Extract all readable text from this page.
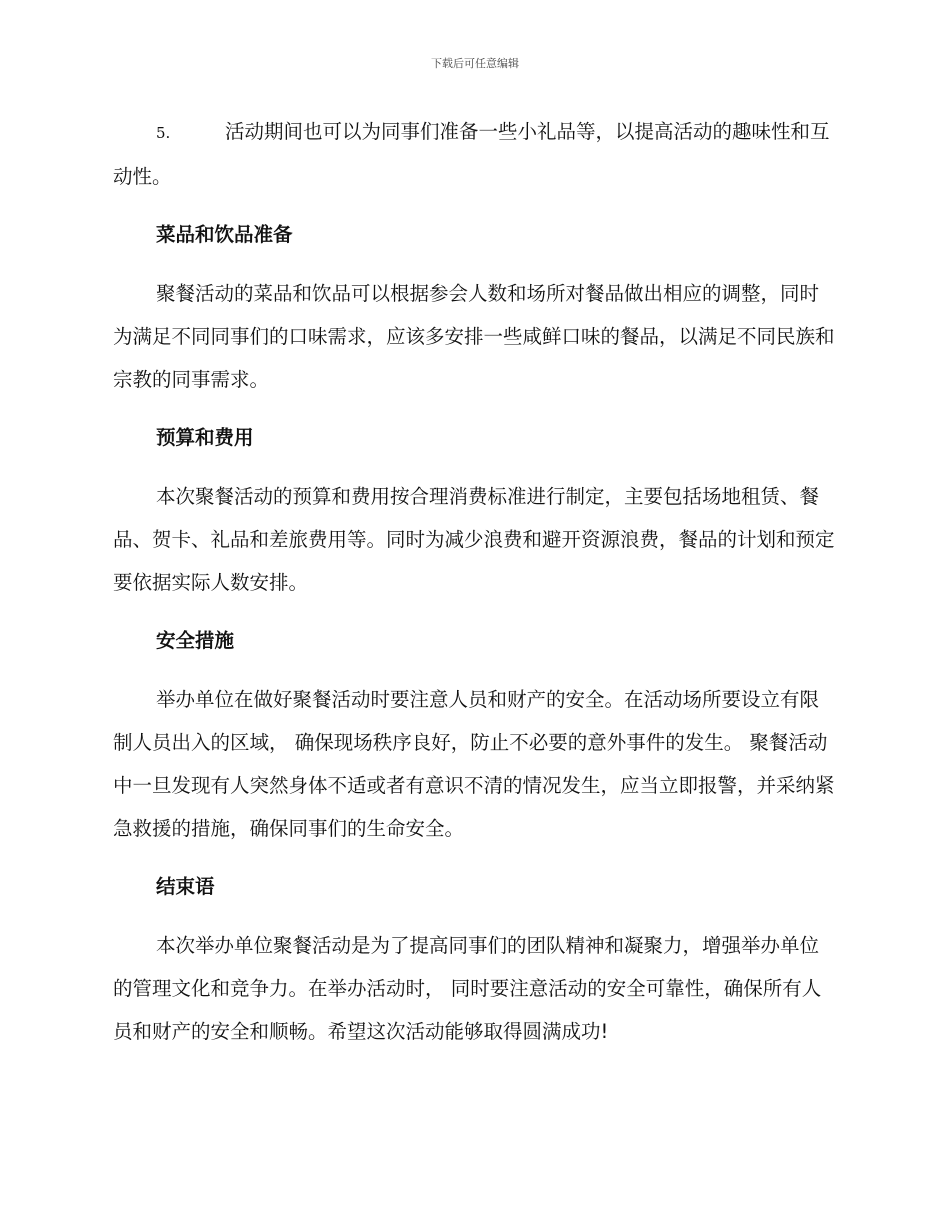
下载后可任意编辑

5.	活动期间也可以为同事们准备一些小礼品等，以提高活动的趣味性和互动性。

菜品和饮品准备

聚餐活动的菜品和饮品可以根据参会人数和场所对餐品做出相应的调整，同时为满足不同同事们的口味需求，应该多安排一些咸鲜口味的餐品，以满足不同民族和宗教的同事需求。

预算和费用

本次聚餐活动的预算和费用按合理消费标准进行制定，主要包括场地租赁、餐品、贺卡、礼品和差旅费用等。同时为减少浪费和避开资源浪费，餐品的计划和预定要依据实际人数安排。

安全措施

举办单位在做好聚餐活动时要注意人员和财产的安全。在活动场所要设立有限制人员出入的区域， 确保现场秩序良好，防止不必要的意外事件的发生。 聚餐活动中一旦发现有人突然身体不适或者有意识不清的情况发生，应当立即报警，并采纳紧急救援的措施，确保同事们的生命安全。

结束语

本次举办单位聚餐活动是为了提高同事们的团队精神和凝聚力，增强举办单位的管理文化和竞争力。在举办活动时， 同时要注意活动的安全可靠性，确保所有人员和财产的安全和顺畅。希望这次活动能够取得圆满成功!
